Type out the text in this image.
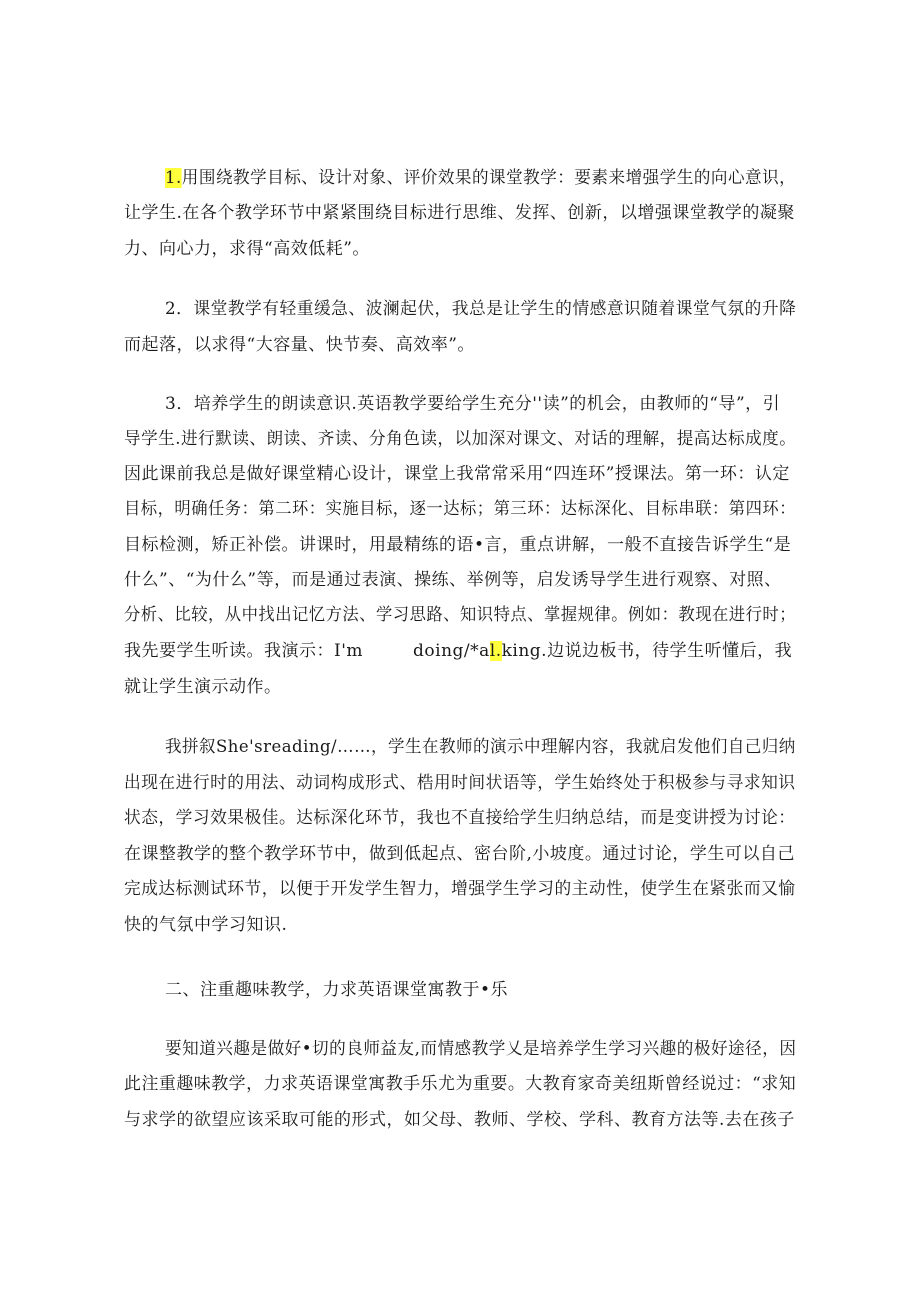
1.用围绕教学目标、设计对象、评价效果的课堂教学：要素来增强学生的向心意识，
让学生.在各个教学环节中紧紧围绕目标进行思维、发挥、创新，以增强课堂教学的凝聚
力、向心力，求得“高效低耗”。
2．课堂教学有轻重缓急、波澜起伏，我总是让学生的情感意识随着课堂气氛的升降
而起落，以求得“大容量、快节奏、高效率”。
3．培养学生的朗读意识.英语教学要给学生充分''读”的机会，由教师的“导”，引
导学生.进行默读、朗读、齐读、分角色读，以加深对课文、对话的理解，提高达标成度。
因此课前我总是做好课堂精心设计，课堂上我常常采用“四连环”授课法。第一环：认定
目标，明确任务：第二环：实施目标，逐一达标；第三环：达标深化、目标串联：第四环：
目标检测，矫正补偿。讲课时，用最精练的语•言，重点讲解，一般不直接告诉学生“是
什么”、“为什么”等，而是通过表演、操练、举例等，启发诱导学生进行观察、对照、
分析、比较，从中找出记忆方法、学习思路、知识特点、掌握规律。例如：教现在进行时；
我先要学生听读。我演示：I'm	doing/*al.king.边说边板书，待学生听懂后，我
就让学生演示动作。
我拼叙She'sreading/……，学生在教师的演示中理解内容，我就启发他们自己归纳
出现在进行时的用法、动词构成形式、梏用时间状语等，学生始终处于积极参与寻求知识
状态，学习效果极佳。达标深化环节，我也不直接给学生归纳总结，而是变讲授为讨论：
在课整教学的整个教学环节中，做到低起点、密台阶,小坡度。通过讨论，学生可以自己
完成达标测试环节，以便于开发学生智力，增强学生学习的主动性，使学生在紧张而又愉
快的气氛中学习知识.
二、注重趣味教学，力求英语课堂寓教于•乐
要知道兴趣是做好•切的良师益友,而情感教学乂是培养学生学习兴趣的极好途径，因
此注重趣味教学，力求英语课堂寓教手乐尤为重要。大教育家奇美纽斯曾经说过：“求知
与求学的欲望应该采取可能的形式，如父母、教师、学校、学科、教育方法等.去在孩子
